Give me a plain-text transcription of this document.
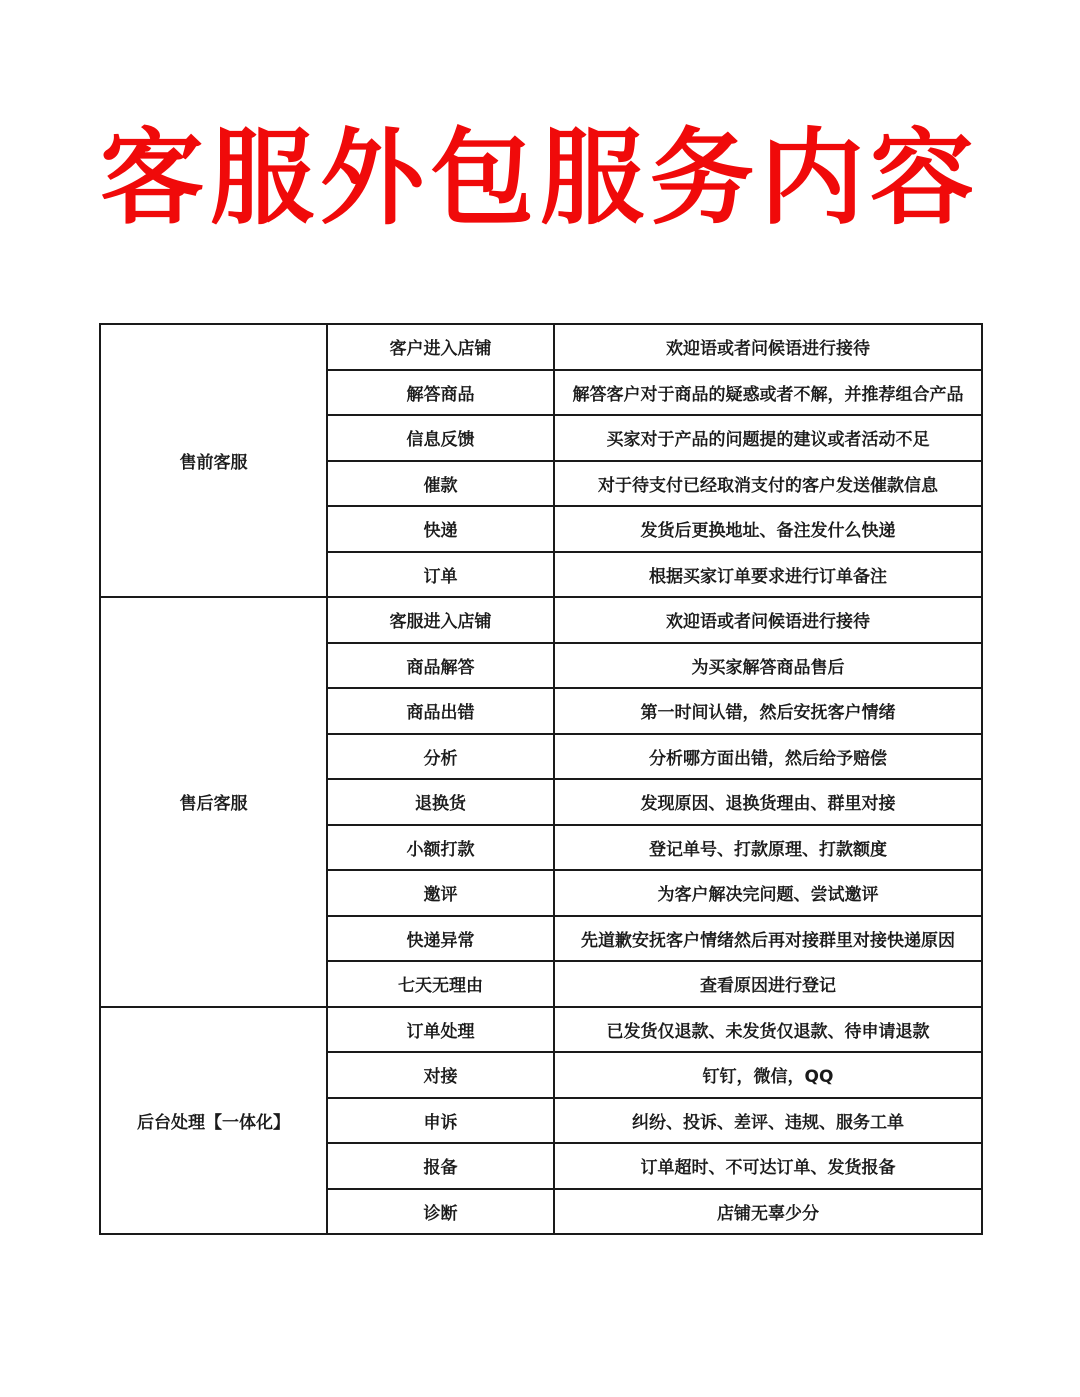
客服外包服务内容
售前客服	客户进入店铺	欢迎语或者问候语进行接待
	解答商品	解答客户对于商品的疑惑或者不解，并推荐组合产品
	信息反馈	买家对于产品的问题提的建议或者活动不足
	催款	对于待支付已经取消支付的客户发送催款信息
	快递	发货后更换地址、备注发什么快递
	订单	根据买家订单要求进行订单备注
售后客服	客服进入店铺	欢迎语或者问候语进行接待
	商品解答	为买家解答商品售后
	商品出错	第一时间认错，然后安抚客户情绪
	分析	分析哪方面出错，然后给予赔偿
	退换货	发现原因、退换货理由、群里对接
	小额打款	登记单号、打款原理、打款额度
	邀评	为客户解决完问题、尝试邀评
	快递异常	先道歉安抚客户情绪然后再对接群里对接快递原因
	七天无理由	查看原因进行登记
后台处理【一体化】	订单处理	已发货仅退款、未发货仅退款、待申请退款
	对接	钉钉，微信，QQ
	申诉	纠纷、投诉、差评、违规、服务工单
	报备	订单超时、不可达订单、发货报备
	诊断	店铺无辜少分
